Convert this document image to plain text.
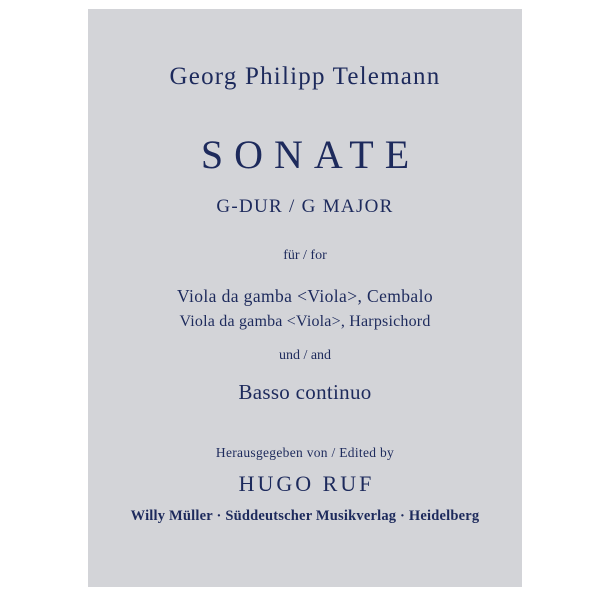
Georg Philipp Telemann
SONATE
G-DUR / G MAJOR
für / for
Viola da gamba <Viola>, Cembalo
Viola da gamba <Viola>, Harpsichord
und / and
Basso continuo
Herausgegeben von / Edited by
HUGO RUF
Willy Müller · Süddeutscher Musikverlag · Heidelberg
